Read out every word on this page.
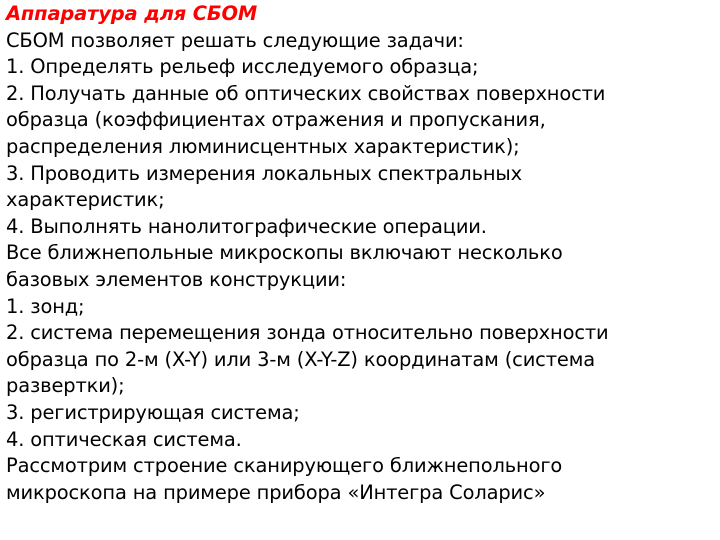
Аппаратура для СБОМ
СБОМ позволяет решать следующие задачи:
1. Определять рельеф исследуемого образца;
2. Получать данные об оптических свойствах поверхности
образца (коэффициентах отражения и пропускания,
распределения люминисцентных характеристик);
3. Проводить измерения локальных спектральных
характеристик;
4. Выполнять нанолитографические операции.
Все ближнепольные микроскопы включают несколько
базовых элементов конструкции:
1. зонд;
2. система перемещения зонда относительно поверхности
образца по 2-м (X-Y) или 3-м (X-Y-Z) координатам (система
развертки);
3. регистрирующая система;
4. оптическая система.
Рассмотрим строение сканирующего ближнепольного
микроскопа на примере прибора «Интегра Соларис»
